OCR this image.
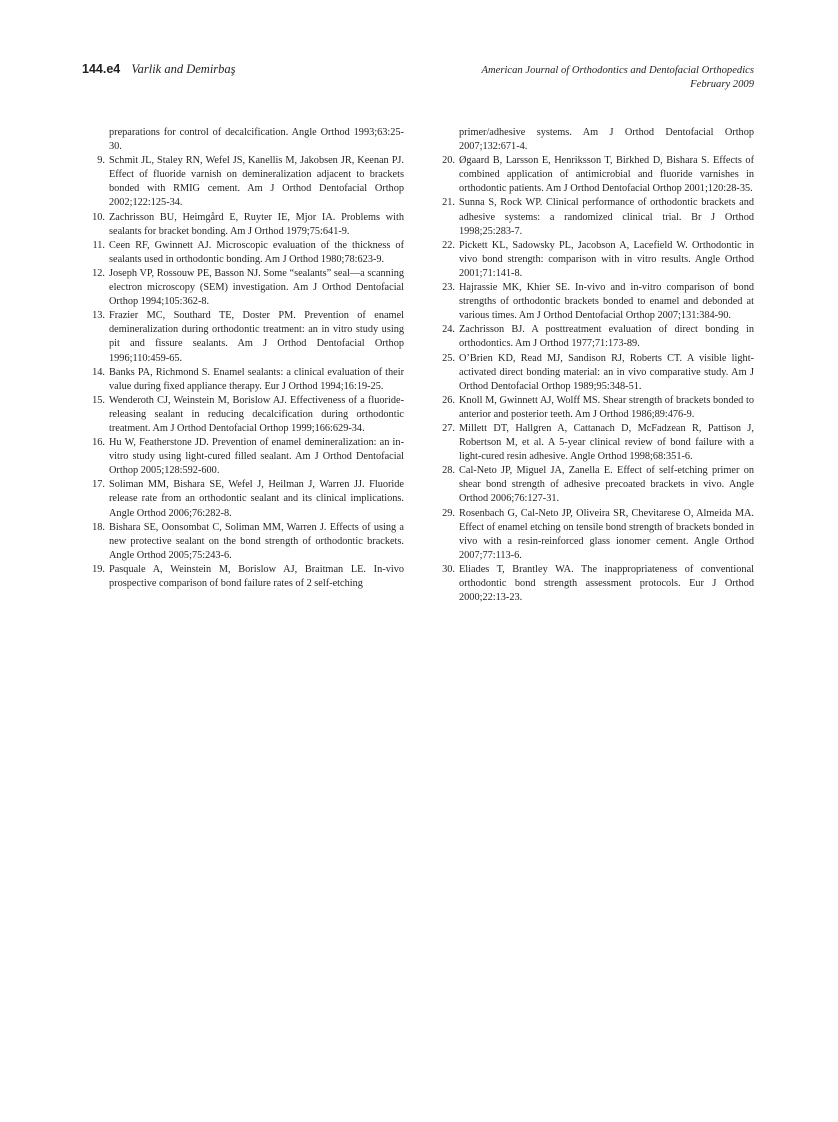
144.e4 Varlik and Demirbaş	American Journal of Orthodontics and Dentofacial Orthopedics
February 2009
preparations for control of decalcification. Angle Orthod 1993;63:25-30.
9. Schmit JL, Staley RN, Wefel JS, Kanellis M, Jakobsen JR, Keenan PJ. Effect of fluoride varnish on demineralization adjacent to brackets bonded with RMIG cement. Am J Orthod Dentofacial Orthop 2002;122:125-34.
10. Zachrisson BU, Heimgård E, Ruyter IE, Mjor IA. Problems with sealants for bracket bonding. Am J Orthod 1979;75:641-9.
11. Ceen RF, Gwinnett AJ. Microscopic evaluation of the thickness of sealants used in orthodontic bonding. Am J Orthod 1980;78:623-9.
12. Joseph VP, Rossouw PE, Basson NJ. Some “sealants” seal—a scanning electron microscopy (SEM) investigation. Am J Orthod Dentofacial Orthop 1994;105:362-8.
13. Frazier MC, Southard TE, Doster PM. Prevention of enamel demineralization during orthodontic treatment: an in vitro study using pit and fissure sealants. Am J Orthod Dentofacial Orthop 1996;110:459-65.
14. Banks PA, Richmond S. Enamel sealants: a clinical evaluation of their value during fixed appliance therapy. Eur J Orthod 1994;16:19-25.
15. Wenderoth CJ, Weinstein M, Borislow AJ. Effectiveness of a fluoride-releasing sealant in reducing decalcification during orthodontic treatment. Am J Orthod Dentofacial Orthop 1999;166:629-34.
16. Hu W, Featherstone JD. Prevention of enamel demineralization: an in-vitro study using light-cured filled sealant. Am J Orthod Dentofacial Orthop 2005;128:592-600.
17. Soliman MM, Bishara SE, Wefel J, Heilman J, Warren JJ. Fluoride release rate from an orthodontic sealant and its clinical implications. Angle Orthod 2006;76:282-8.
18. Bishara SE, Oonsombat C, Soliman MM, Warren J. Effects of using a new protective sealant on the bond strength of orthodontic brackets. Angle Orthod 2005;75:243-6.
19. Pasquale A, Weinstein M, Borislow AJ, Braitman LE. In-vivo prospective comparison of bond failure rates of 2 self-etching
primer/adhesive systems. Am J Orthod Dentofacial Orthop 2007;132:671-4.
20. Øgaard B, Larsson E, Henriksson T, Birkhed D, Bishara S. Effects of combined application of antimicrobial and fluoride varnishes in orthodontic patients. Am J Orthod Dentofacial Orthop 2001;120:28-35.
21. Sunna S, Rock WP. Clinical performance of orthodontic brackets and adhesive systems: a randomized clinical trial. Br J Orthod 1998;25:283-7.
22. Pickett KL, Sadowsky PL, Jacobson A, Lacefield W. Orthodontic in vivo bond strength: comparison with in vitro results. Angle Orthod 2001;71:141-8.
23. Hajrassie MK, Khier SE. In-vivo and in-vitro comparison of bond strengths of orthodontic brackets bonded to enamel and debonded at various times. Am J Orthod Dentofacial Orthop 2007;131:384-90.
24. Zachrisson BJ. A posttreatment evaluation of direct bonding in orthodontics. Am J Orthod 1977;71:173-89.
25. O’Brien KD, Read MJ, Sandison RJ, Roberts CT. A visible light-activated direct bonding material: an in vivo comparative study. Am J Orthod Dentofacial Orthop 1989;95:348-51.
26. Knoll M, Gwinnett AJ, Wolff MS. Shear strength of brackets bonded to anterior and posterior teeth. Am J Orthod 1986;89:476-9.
27. Millett DT, Hallgren A, Cattanach D, McFadzean R, Pattison J, Robertson M, et al. A 5-year clinical review of bond failure with a light-cured resin adhesive. Angle Orthod 1998;68:351-6.
28. Cal-Neto JP, Miguel JA, Zanella E. Effect of self-etching primer on shear bond strength of adhesive precoated brackets in vivo. Angle Orthod 2006;76:127-31.
29. Rosenbach G, Cal-Neto JP, Oliveira SR, Chevitarese O, Almeida MA. Effect of enamel etching on tensile bond strength of brackets bonded in vivo with a resin-reinforced glass ionomer cement. Angle Orthod 2007;77:113-6.
30. Eliades T, Brantley WA. The inappropriateness of conventional orthodontic bond strength assessment protocols. Eur J Orthod 2000;22:13-23.
